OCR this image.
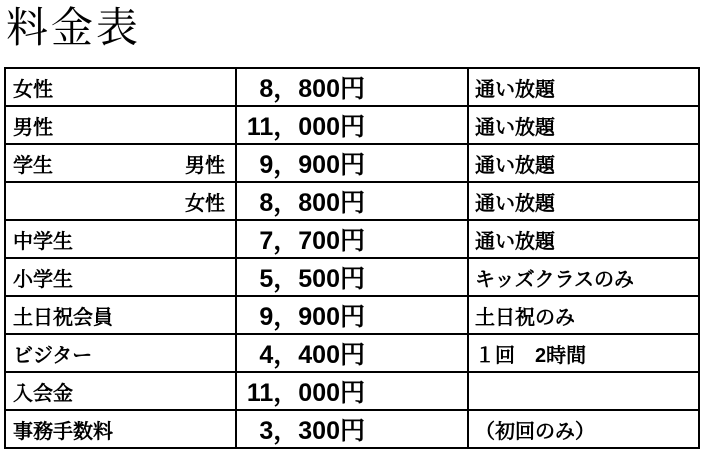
料金表
女性	8，800円	通い放題

男性	11，000円	通い放題

学生 男性	9，900円	通い放題

女性	8，800円	通い放題

中学生	7，700円	通い放題

小学生	5，500円	キッズクラスのみ

土日祝会員	9，900円	土日祝のみ

ビジター	4，400円	１回　2時間

入会金	11，000円	

事務手数料	3，300円	（初回のみ）
